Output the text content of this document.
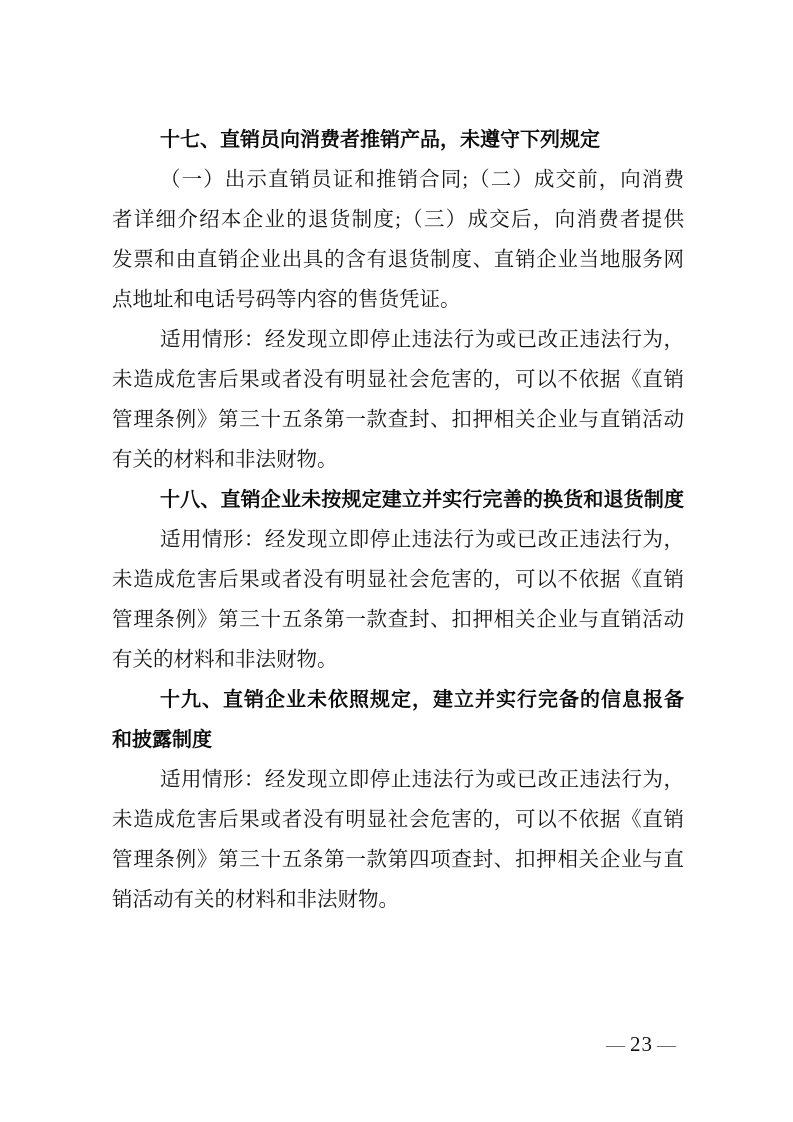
十七、直销员向消费者推销产品，未遵守下列规定
（一）出示直销员证和推销合同;（二）成交前，向消费
者详细介绍本企业的退货制度;（三）成交后，向消费者提供
发票和由直销企业出具的含有退货制度、直销企业当地服务网
点地址和电话号码等内容的售货凭证。
适用情形：经发现立即停止违法行为或已改正违法行为，
未造成危害后果或者没有明显社会危害的，可以不依据《直销
管理条例》第三十五条第一款查封、扣押相关企业与直销活动
有关的材料和非法财物。
十八、直销企业未按规定建立并实行完善的换货和退货制度
适用情形：经发现立即停止违法行为或已改正违法行为，
未造成危害后果或者没有明显社会危害的，可以不依据《直销
管理条例》第三十五条第一款查封、扣押相关企业与直销活动
有关的材料和非法财物。
十九、直销企业未依照规定，建立并实行完备的信息报备
和披露制度
适用情形：经发现立即停止违法行为或已改正违法行为，
未造成危害后果或者没有明显社会危害的，可以不依据《直销
管理条例》第三十五条第一款第四项查封、扣押相关企业与直
销活动有关的材料和非法财物。
— 23 —
